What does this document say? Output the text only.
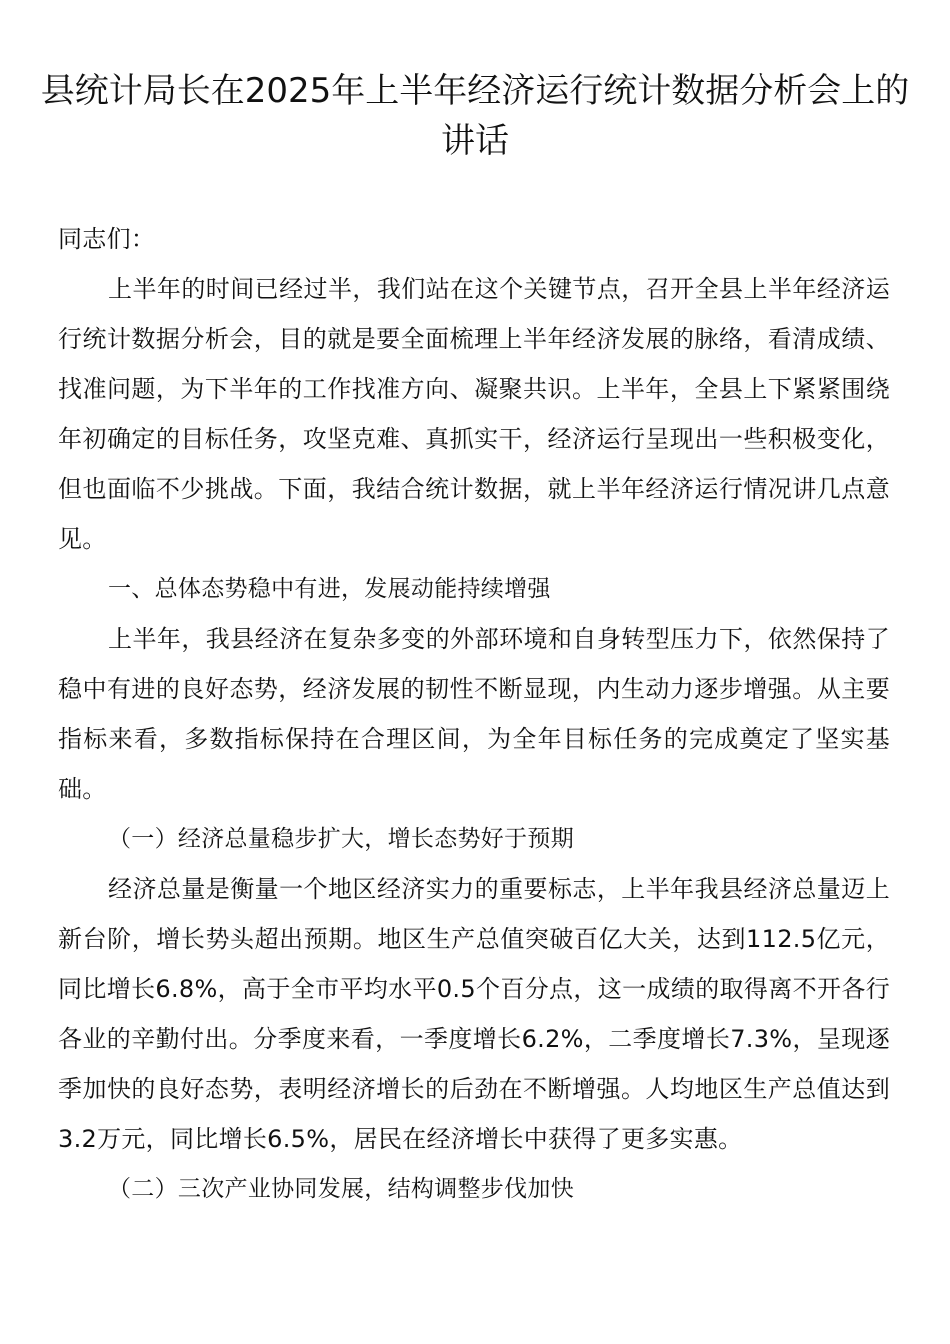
县统计局长在2025年上半年经济运行统计数据分析会上的讲话

同志们：

上半年的时间已经过半，我们站在这个关键节点，召开全县上半年经济运行统计数据分析会，目的就是要全面梳理上半年经济发展的脉络，看清成绩、找准问题，为下半年的工作找准方向、凝聚共识。上半年，全县上下紧紧围绕年初确定的目标任务，攻坚克难、真抓实干，经济运行呈现出一些积极变化，但也面临不少挑战。下面，我结合统计数据，就上半年经济运行情况讲几点意见。

一、总体态势稳中有进，发展动能持续增强

上半年，我县经济在复杂多变的外部环境和自身转型压力下，依然保持了稳中有进的良好态势，经济发展的韧性不断显现，内生动力逐步增强。从主要指标来看，多数指标保持在合理区间，为全年目标任务的完成奠定了坚实基础。

（一）经济总量稳步扩大，增长态势好于预期

经济总量是衡量一个地区经济实力的重要标志，上半年我县经济总量迈上新台阶，增长势头超出预期。地区生产总值突破百亿大关，达到112.5亿元，同比增长6.8%，高于全市平均水平0.5个百分点，这一成绩的取得离不开各行各业的辛勤付出。分季度来看，一季度增长6.2%，二季度增长7.3%，呈现逐季加快的良好态势，表明经济增长的后劲在不断增强。人均地区生产总值达到3.2万元，同比增长6.5%，居民在经济增长中获得了更多实惠。

（二）三次产业协同发展，结构调整步伐加快
